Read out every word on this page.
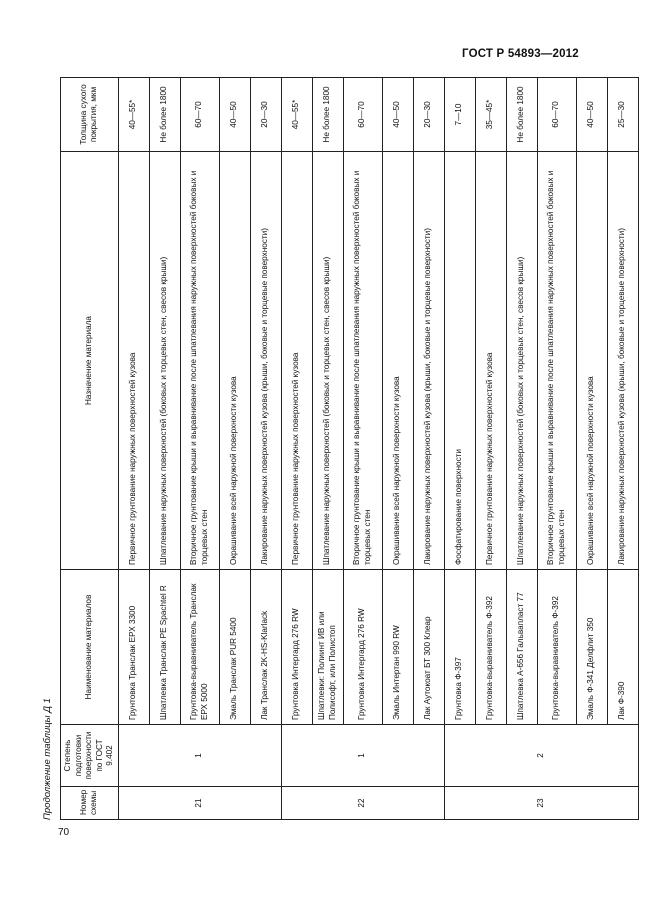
ГОСТ Р 54893—2012
Продолжение таблицы Д 1	Номер схемы	Степень подготовки поверхности по ГОСТ 9.402	Наименование материалов	Назначение материала	Толщина сухого покрытия, мкм
21	1	Грунтовка Транслак ЕРХ 3300	Первичное грунтование наружных поверхностей кузова	40—55*
		Шпатлевка Транслак РЕ Spachtel R	Шпатлевание наружных поверхностей (боковых и торцевых стен, свесов крыши)	Не более 1800
		Грунтовка-выравниватель Транслак ЕРХ 5000	Вторичное грунтование крыши и выравнивание после шпатлевания наружных поверхностей боковых и торцевых стен	60—70
		Эмаль Транслак PUR 5400	Окрашивание всей наружной поверхности кузова	40—50
		Лак Транслак 2K-HS-Klarlack	Лакирование наружных поверхностей кузова (крыши, боковые и торцевые поверхности)	20—30
22	1	Грунтовка Интергард 276 RW	Первичное грунтование наружных поверхностей кузова	40—55*
		Шпатлевки: Полиинт ИВ или Полисофт, или Полистоп	Шпатлевание наружных поверхностей (боковых и торцевых стен, свесов крыши)	Не более 1800
		Грунтовка Интергард 276 RW	Вторичное грунтование крыши и выравнивание после шпатлевания наружных поверхностей боковых и торцевых стен	60—70
		Эмаль Интертан 990 RW	Окрашивание всей наружной поверхности кузова	40—50
		Лак Аутокоат БТ 300 Клеар	Лакирование наружных поверхностей кузова (крыши, боковые и торцевые поверхности)	20—30
23	2	Грунтовка Ф-397	Фосфатирование поверхности	7—10
		Грунтовка-выравниватель Ф-392	Первичное грунтование наружных поверхностей кузова	35—45*
		Шпатлевка А-656 Гальваплаcт 77	Шпатлевание наружных поверхностей (боковых и торцевых стен, свесов крыши)	Не более 1800
		Грунтовка-выравниватель Ф-392	Вторичное грунтование крыши и выравнивание после шпатлевания наружных поверхностей боковых и торцевых стен	60—70
		Эмаль Ф-341 Делфлит 350	Окрашивание всей наружной поверхности кузова	40—50
		Лак Ф-390	Лакирование наружных поверхностей кузова (крыши, боковые и торцевые поверхности)	25—30
70
